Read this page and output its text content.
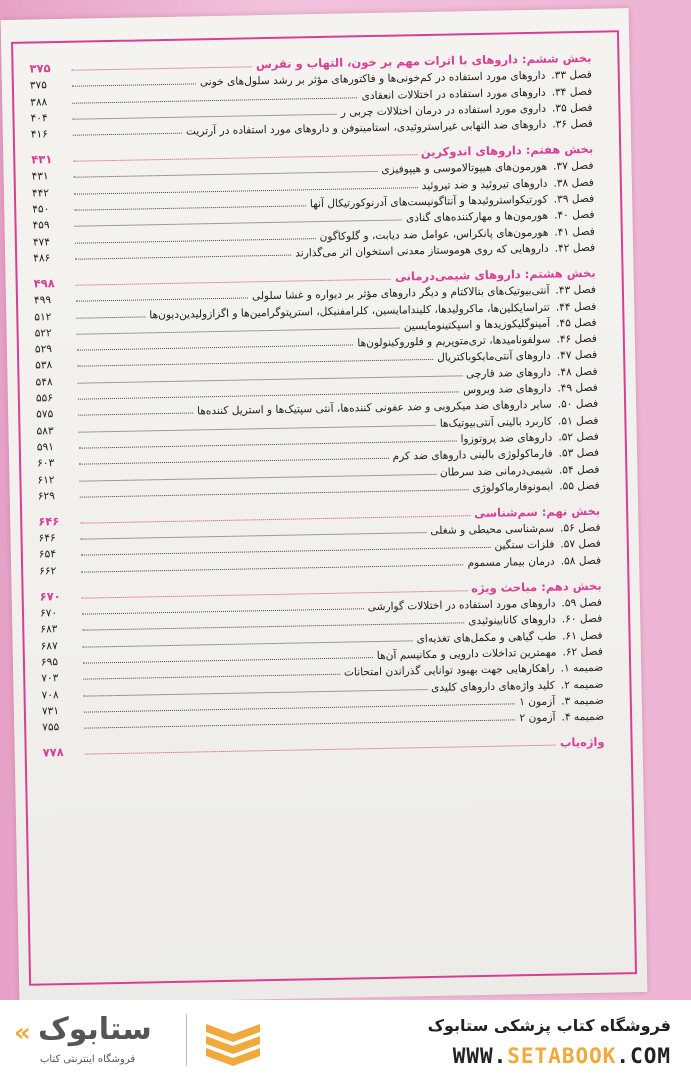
بخش ششم: داروهای با اثرات مهم بر خون، التهاب و نقرس
۳۷۵
فصل ۳۳.
داروهای مورد استفاده در کم‌خونی‌ها و فاکتورهای مؤثر بر رشد سلول‌های خونی
۳۷۵
فصل ۳۴.
داروهای مورد استفاده در اختلالات انعقادی
۳۸۸
فصل ۳۵.
داروی مورد استفاده در درمان اختلالات چربی ر
۴۰۴
فصل ۳۶.
داروهای ضد التهابی غیراستروئیدی، استامینوفن و داروهای مورد استفاده در آرتریت
۴۱۶
بخش هفتم: داروهای اندوکرین
۴۳۱
فصل ۳۷.
هورمون‌های هیپوتالاموسی و هیپوفیزی
۴۳۱
فصل ۳۸.
داروهای تیروئید و ضد تیروئید
۴۴۲
فصل ۳۹.
کورتیکواستروئیدها و آنتاگونیست‌های آدرنوکورتیکال آنها
۴۵۰
فصل ۴۰.
هورمون‌ها و مهارکننده‌های گنادی
۴۵۹
فصل ۴۱.
هورمون‌های پانکراس، عوامل ضد دیابت، و گلوکاگون
۴۷۴
فصل ۴۲.
داروهایی که روی هوموستاز معدنی استخوان اثر می‌گذارند
۴۸۶
بخش هشتم: داروهای شیمی‌درمانی
۴۹۸
فصل ۴۳.
آنتی‌بیوتیک‌های بتالاکتام و دیگر داروهای مؤثر بر دیواره و غشا سلولی
۴۹۹
فصل ۴۴.
تتراسایکلین‌ها، ماکرولیدها، کلیندامایسین، کلرامفنیکل، استرپتوگرامین‌ها و اگزازولیدین‌دیون‌ها
۵۱۲
فصل ۴۵.
آمینوگلیکوزیدها و اسپکتینومایسین
۵۲۲
فصل ۴۶.
سولفونامیدها، تری‌متوپریم و فلوروکینولون‌ها
۵۲۹
فصل ۴۷.
داروهای آنتی‌مایکوباکتریال
۵۳۸
فصل ۴۸.
داروهای ضد قارچی
۵۴۸
فصل ۴۹.
داروهای ضد ویروس
۵۵۶
فصل ۵۰.
سایر داروهای ضد میکروبی و ضد عفونی کننده‌ها، آنتی سپتیک‌ها و استریل کننده‌ها
۵۷۵
فصل ۵۱.
کاربرد بالینی آنتی‌بیوتیک‌ها
۵۸۳
فصل ۵۲.
داروهای ضد پروتوزوا
۵۹۱
فصل ۵۳.
فارماکولوژی بالینی داروهای ضد کرم
۶۰۳
فصل ۵۴.
شیمی‌درمانی ضد سرطان
۶۱۲
فصل ۵۵.
ایمونوفارماکولوژی
۶۲۹
بخش نهم: سم‌شناسی
۶۴۶
فصل ۵۶.
سم‌شناسی محیطی و شغلی
۶۴۶
فصل ۵۷.
فلزات سنگین
۶۵۴
فصل ۵۸.
درمان بیمار مسموم
۶۶۲
بخش دهم: مباحث ویژه
۶۷۰
فصل ۵۹.
داروهای مورد استفاده در اختلالات گوارشی
۶۷۰
فصل ۶۰.
داروهای کانابینوئیدی
۶۸۳
فصل ۶۱.
طب گیاهی و مکمل‌های تغذیه‌ای
۶۸۷
فصل ۶۲.
مهمترین تداخلات دارویی و مکانیسم آن‌ها
۶۹۵
ضمیمه ۱.
راهکارهایی جهت بهبود توانایی گذراندن امتحانات
۷۰۳
ضمیمه ۲.
کلید واژه‌های داروهای کلیدی
۷۰۸
ضمیمه ۳.
آزمون ۱
۷۳۱
ضمیمه ۴.
آزمون ۲
۷۵۵
واژه‌یاب
۷۷۸
فروشگاه کتاب پزشکی ستابوک
WWW.SETABOOK.COM
ستابوک
«
فروشگاه اینترنتی کتاب
